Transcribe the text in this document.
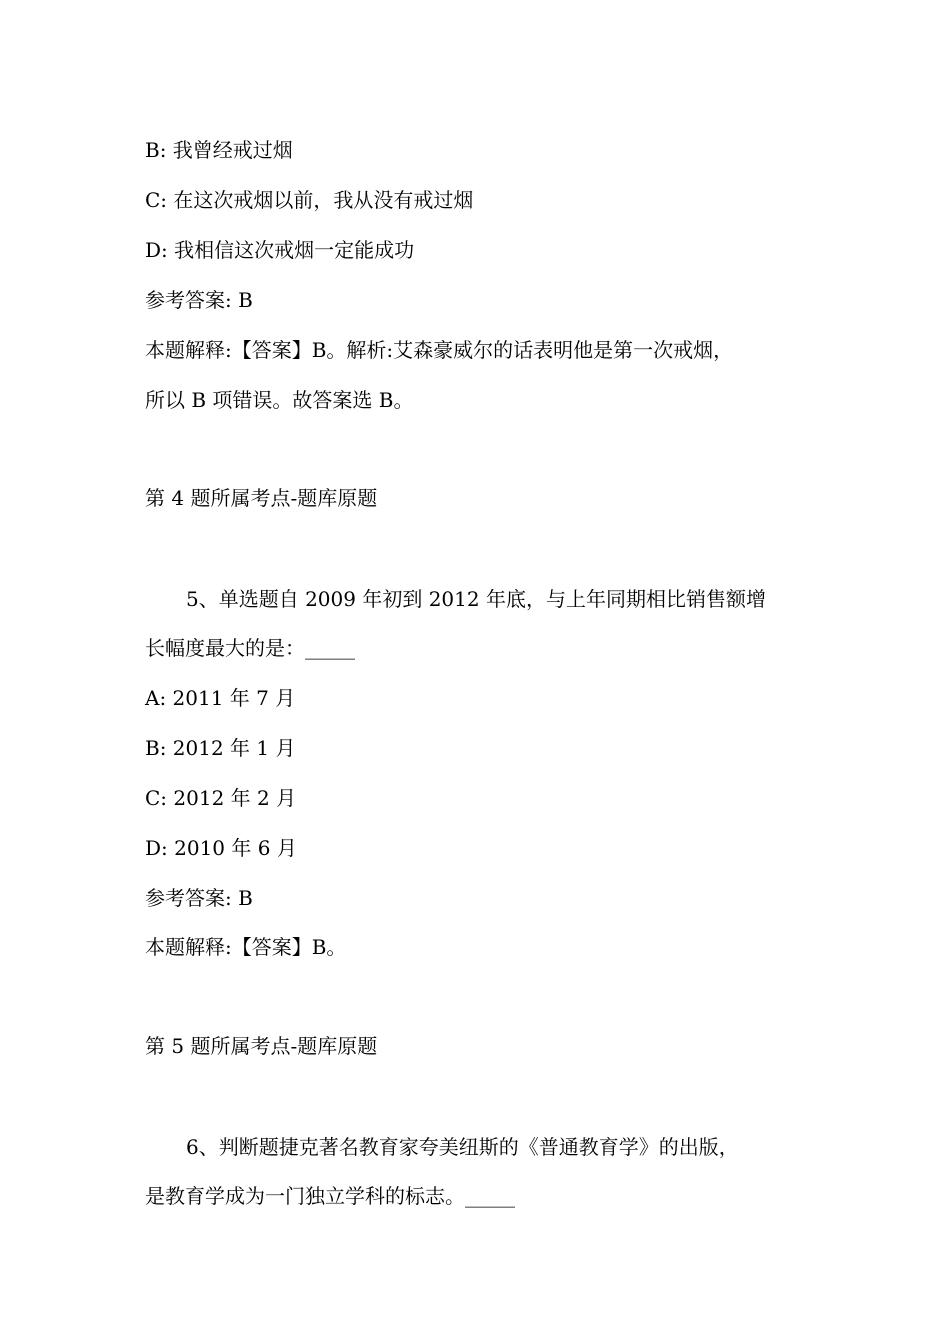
B: 我曾经戒过烟
C: 在这次戒烟以前，我从没有戒过烟
D: 我相信这次戒烟一定能成功
参考答案: B
本题解释:【答案】B。解析:艾森豪威尔的话表明他是第一次戒烟，
所以 B 项错误。故答案选 B。
第 4 题所属考点-题库原题
5、单选题自 2009 年初到 2012 年底，与上年同期相比销售额增
长幅度最大的是：_____
A: 2011 年 7 月
B: 2012 年 1 月
C: 2012 年 2 月
D: 2010 年 6 月
参考答案: B
本题解释:【答案】B。
第 5 题所属考点-题库原题
6、判断题捷克著名教育家夸美纽斯的《普通教育学》的出版，
是教育学成为一门独立学科的标志。_____
